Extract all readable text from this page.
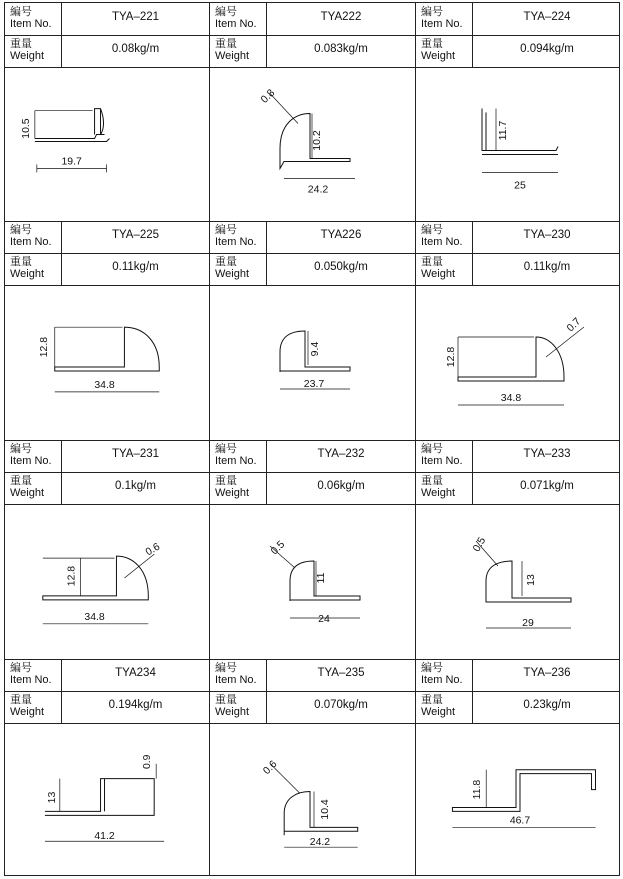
編号
Item No.
重量
Weight
TYA–221
0.08kg/m
10.5
19.7
編号
Item No.
重量
Weight
TYA222
0.083kg/m
0.8
10.2
24.2
編号
Item No.
重量
Weight
TYA–224
0.094kg/m
11.7
25
編号
Item No.
重量
Weight
TYA–225
0.11kg/m
12.8
34.8
編号
Item No.
重量
Weight
TYA226
0.050kg/m
9.4
23.7
編号
Item No.
重量
Weight
TYA–230
0.11kg/m
0.7
12.8
34.8
編号
Item No.
重量
Weight
TYA–231
0.1kg/m
0.6
12.8
34.8
編号
Item No.
重量
Weight
TYA–232
0.06kg/m
0.5
11
24
編号
Item No.
重量
Weight
TYA–233
0.071kg/m
0.5
13
29
編号
Item No.
重量
Weight
TYA234
0.194kg/m
0.9
13
41.2
編号
Item No.
重量
Weight
TYA–235
0.070kg/m
0.6
10.4
24.2
編号
Item No.
重量
Weight
TYA–236
0.23kg/m
11.8
46.7
